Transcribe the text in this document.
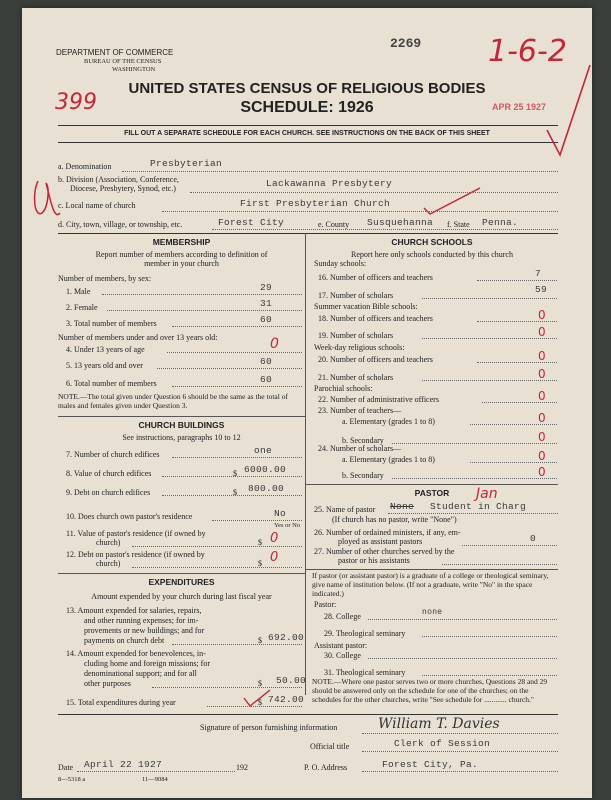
DEPARTMENT OF COMMERCE
BUREAU OF THE CENSUS
WASHINGTON
2269 1-6-2
399	APR 25 1927
UNITED STATES CENSUS OF RELIGIOUS BODIES
SCHEDULE: 1926
FILL OUT A SEPARATE SCHEDULE FOR EACH CHURCH. SEE INSTRUCTIONS ON THE BACK OF THIS SHEET
a. Denomination	Presbyterian
b. Division (Association, Conference,
Diocese, Presbytery, Synod, etc.)	Lackawanna Presbytery
c. Local name of church	First Presbyterian Church
d. City, town, village, or township, etc.	Forest City	e. County Susquehanna f. State Penna.
MEMBERSHIP
Report number of members according to definition of
member in your church
Number of members, by sex:
1. Male	29
2. Female	31
3. Total number of members	60
Number of members under and over 13 years old:
4. Under 13 years of age	0
5. 13 years old and over	60
6. Total number of members	60
NOTE.—The total given under Question 6 should be the same as the total of males and females given under Question 3.
CHURCH BUILDINGS
See instructions, paragraphs 10 to 12
7. Number of church edifices	one
8. Value of church edifices	$ 6000.00
9. Debt on church edifices	$ 800.00
10. Does church own pastor's residence	No
Yes or No
11. Value of pastor's residence (if owned by
church)	$ 0
12. Debt on pastor's residence (if owned by
church)	$ 0
EXPENDITURES
Amount expended by your church during last fiscal year
13. Amount expended for salaries, repairs,
and other running expenses; for im-
provements or new buildings; and for
payments on church debt	$ 692.00
14. Amount expended for benevolences, in-
cluding home and foreign missions; for
denominational support; and for all
other purposes	$ 50.00
15. Total expenditures during year	$ 742.00
CHURCH SCHOOLS
Report here only schools conducted by this church
Sunday schools:
16. Number of officers and teachers	7
17. Number of scholars
59
Summer vacation Bible schools:
18. Number of officers and teachers	0
19. Number of scholars	0
Week-day religious schools:
20. Number of officers and teachers	0
21. Number of scholars	0
Parochial schools:
22. Number of administrative officers	0
23. Number of teachers—
a. Elementary (grades 1 to 8)	0
b. Secondary	0
24. Number of scholars—
a. Elementary (grades 1 to 8)	0
b. Secondary	0
PASTOR
25. Name of pastor None Student in Charg
Jan
(If church has no pastor, write "None")
26. Number of ordained ministers, if any, em-
ployed as assistant pastors	0
27. Number of other churches served by the
pastor or his assistants
If pastor (or assistant pastor) is a graduate of a college or theological seminary, give name of institution below. (If not a graduate, write "No" in the space indicated.)
Pastor:
28. College	none
29. Theological seminary
Assistant pastor:
30. College
31. Theological seminary
NOTE.—Where one pastor serves two or more churches, Questions 28 and 29 should be answered only on the schedule for one of the churches; on the schedules for the other churches, write "See schedule for ............ church."
Signature of person furnishing information	William T. Davies
Official title	Clerk of Session
Date April 22 1927	192	P. O. Address	Forest City, Pa.
8—5318 a	11—9084
